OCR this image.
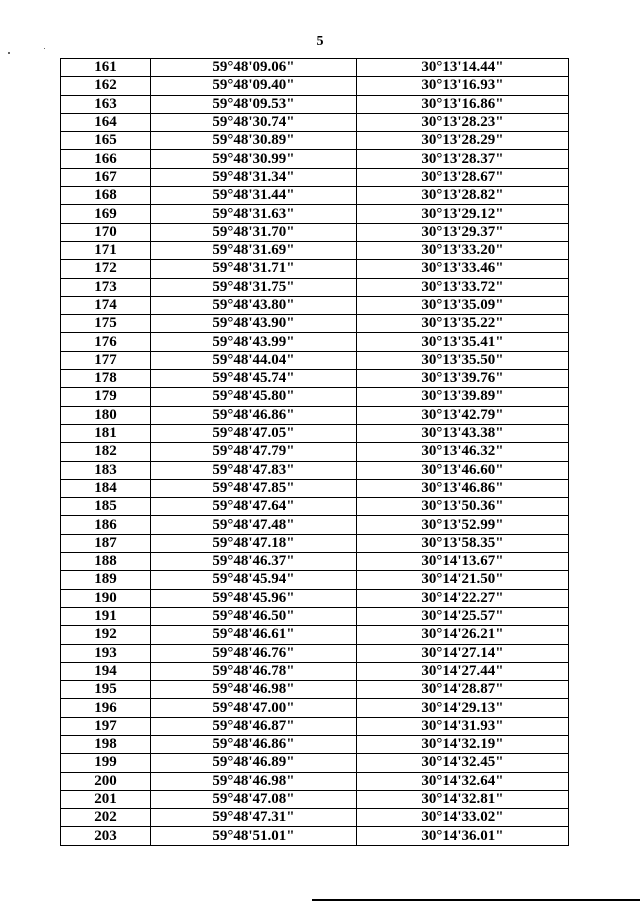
5
161	59°48'09.06"	30°13'14.44"
162	59°48'09.40"	30°13'16.93"
163	59°48'09.53"	30°13'16.86"
164	59°48'30.74"	30°13'28.23"
165	59°48'30.89"	30°13'28.29"
166	59°48'30.99"	30°13'28.37"
167	59°48'31.34"	30°13'28.67"
168	59°48'31.44"	30°13'28.82"
169	59°48'31.63"	30°13'29.12"
170	59°48'31.70"	30°13'29.37"
171	59°48'31.69"	30°13'33.20"
172	59°48'31.71"	30°13'33.46"
173	59°48'31.75"	30°13'33.72"
174	59°48'43.80"	30°13'35.09"
175	59°48'43.90"	30°13'35.22"
176	59°48'43.99"	30°13'35.41"
177	59°48'44.04"	30°13'35.50"
178	59°48'45.74"	30°13'39.76"
179	59°48'45.80"	30°13'39.89"
180	59°48'46.86"	30°13'42.79"
181	59°48'47.05"	30°13'43.38"
182	59°48'47.79"	30°13'46.32"
183	59°48'47.83"	30°13'46.60"
184	59°48'47.85"	30°13'46.86"
185	59°48'47.64"	30°13'50.36"
186	59°48'47.48"	30°13'52.99"
187	59°48'47.18"	30°13'58.35"
188	59°48'46.37"	30°14'13.67"
189	59°48'45.94"	30°14'21.50"
190	59°48'45.96"	30°14'22.27"
191	59°48'46.50"	30°14'25.57"
192	59°48'46.61"	30°14'26.21"
193	59°48'46.76"	30°14'27.14"
194	59°48'46.78"	30°14'27.44"
195	59°48'46.98"	30°14'28.87"
196	59°48'47.00"	30°14'29.13"
197	59°48'46.87"	30°14'31.93"
198	59°48'46.86"	30°14'32.19"
199	59°48'46.89"	30°14'32.45"
200	59°48'46.98"	30°14'32.64"
201	59°48'47.08"	30°14'32.81"
202	59°48'47.31"	30°14'33.02"
203	59°48'51.01"	30°14'36.01"
